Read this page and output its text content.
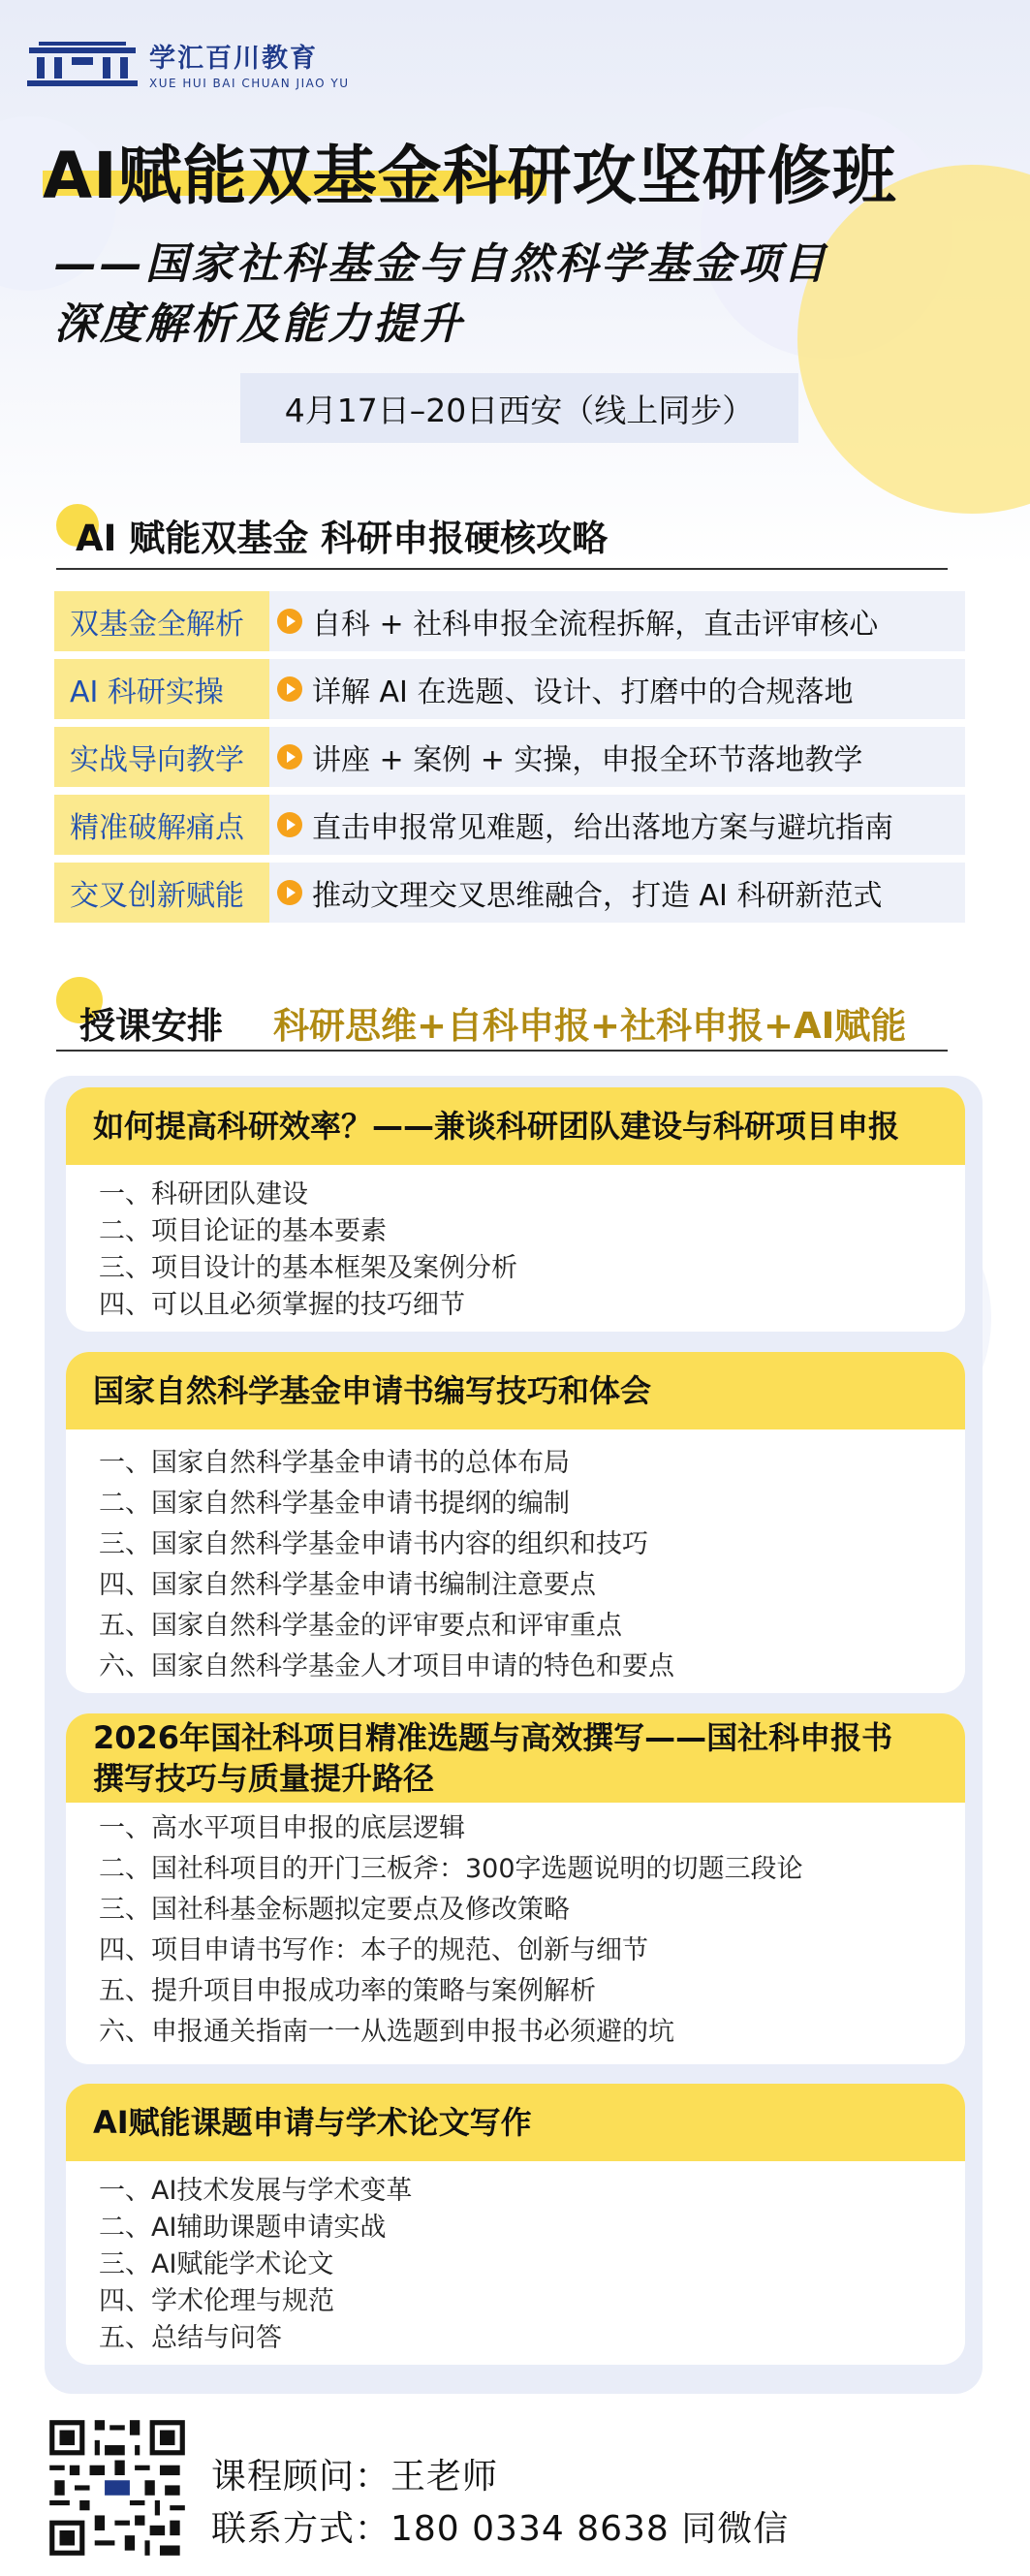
学汇百川教育
XUE HUI BAI CHUAN JIAO YU
AI赋能双基金科研攻坚研修班
——国家社科基金与自然科学基金项目
深度解析及能力提升
4月17日–20日西安（线上同步）
AI 赋能双基金 科研申报硬核攻略
双基金全解析	自科 + 社科申报全流程拆解，直击评审核心
AI 科研实操	详解 AI 在选题、设计、打磨中的合规落地
实战导向教学	讲座 + 案例 + 实操，申报全环节落地教学
精准破解痛点	直击申报常见难题，给出落地方案与避坑指南
交叉创新赋能	推动文理交叉思维融合，打造 AI 科研新范式
授课安排 科研思维+自科申报+社科申报+AI赋能
如何提高科研效率？——兼谈科研团队建设与科研项目申报
一、科研团队建设
二、项目论证的基本要素
三、项目设计的基本框架及案例分析
四、可以且必须掌握的技巧细节
国家自然科学基金申请书编写技巧和体会
一、国家自然科学基金申请书的总体布局
二、国家自然科学基金申请书提纲的编制
三、国家自然科学基金申请书内容的组织和技巧
四、国家自然科学基金申请书编制注意要点
五、国家自然科学基金的评审要点和评审重点
六、国家自然科学基金人才项目申请的特色和要点
2026年国社科项目精准选题与高效撰写——国社科申报书
撰写技巧与质量提升路径
一、高水平项目申报的底层逻辑
二、国社科项目的开门三板斧：300字选题说明的切题三段论
三、国社科基金标题拟定要点及修改策略
四、项目申请书写作：本子的规范、创新与细节
五、提升项目申报成功率的策略与案例解析
六、申报通关指南一一从选题到申报书必须避的坑
AI赋能课题申请与学术论文写作
一、AI技术发展与学术变革
二、AI辅助课题申请实战
三、AI赋能学术论文
四、学术伦理与规范
五、总结与问答
课程顾问：王老师
联系方式：180 0334 8638 同微信
